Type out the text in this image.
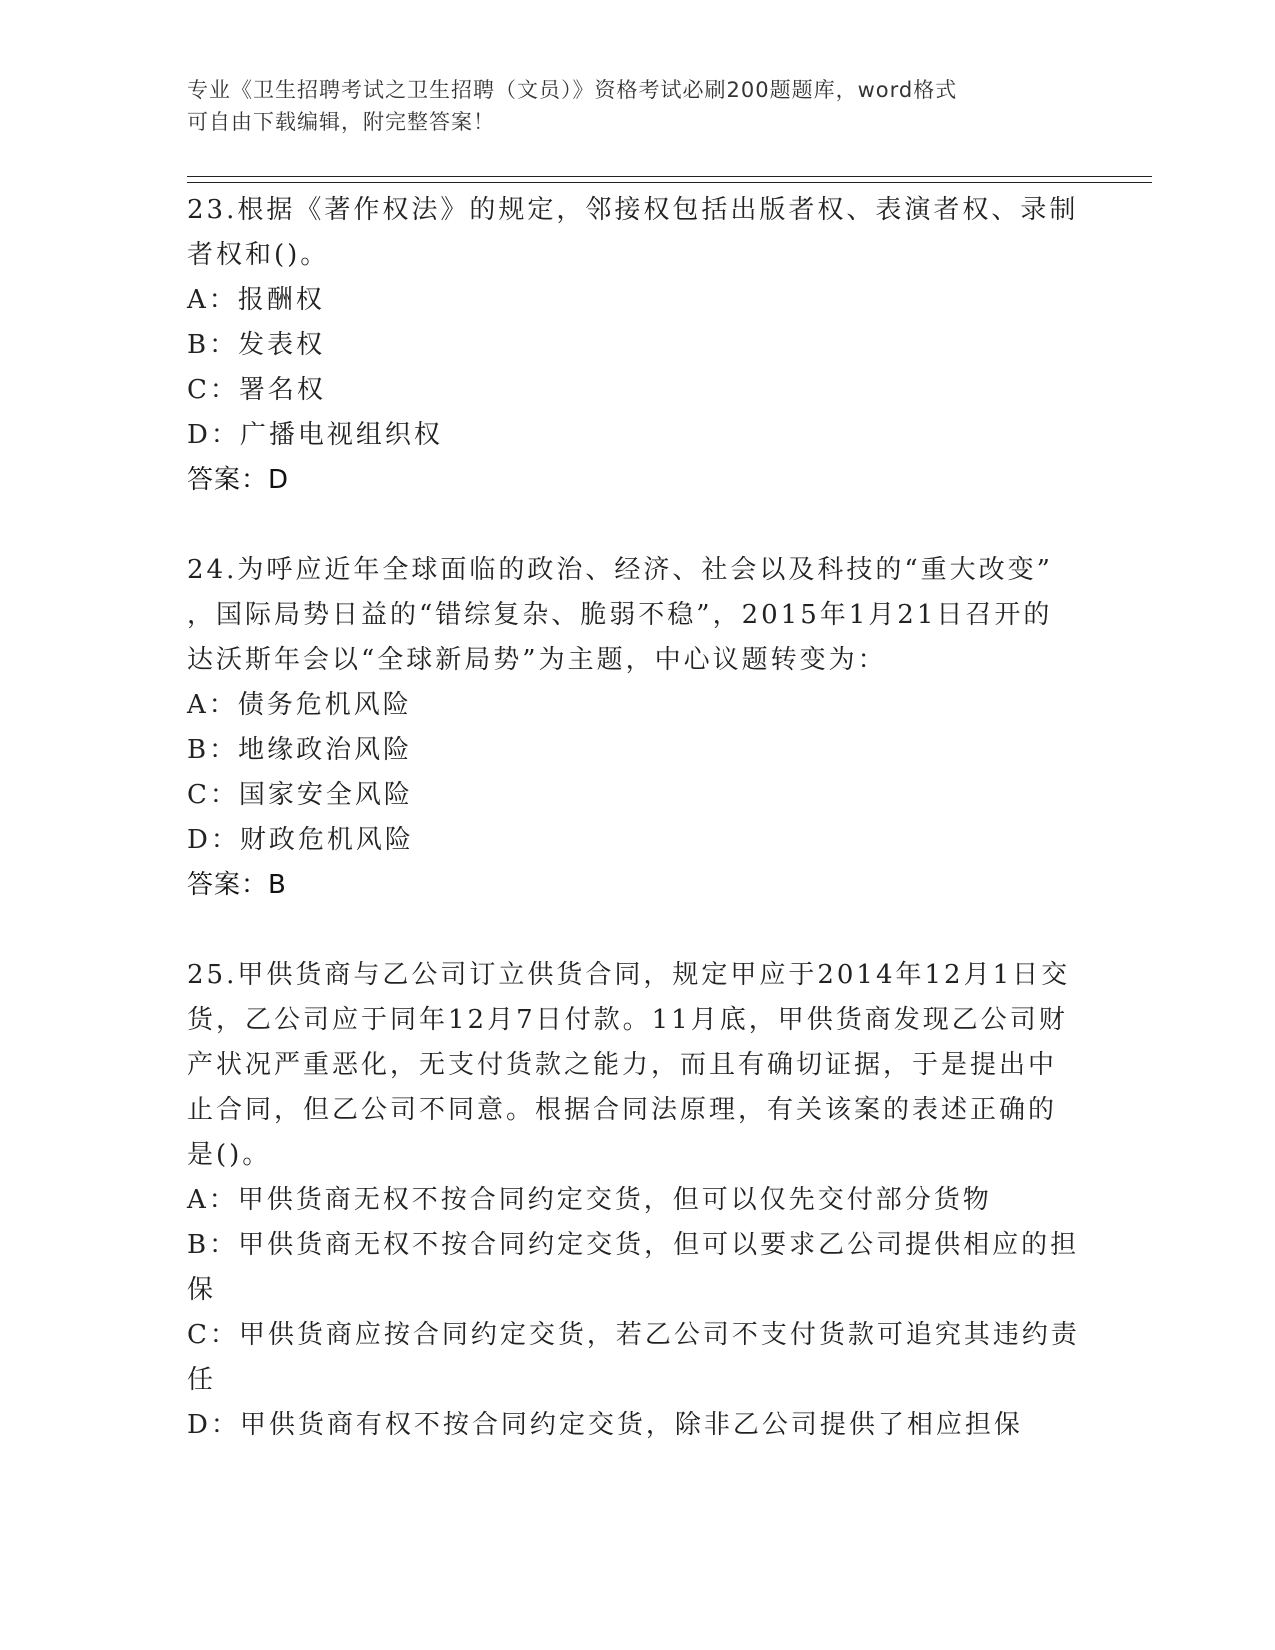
专业《卫生招聘考试之卫生招聘（文员）》资格考试必刷200题题库，word格式
可自由下载编辑，附完整答案！
23.根据《著作权法》的规定，邻接权包括出版者权、表演者权、录制
者权和()。
A：报酬权
B：发表权
C：署名权
D：广播电视组织权
答案：D
24.为呼应近年全球面临的政治、经济、社会以及科技的“重大改变”
，国际局势日益的“错综复杂、脆弱不稳”，2015年1月21日召开的
达沃斯年会以“全球新局势”为主题，中心议题转变为：
A：债务危机风险
B：地缘政治风险
C：国家安全风险
D：财政危机风险
答案：B
25.甲供货商与乙公司订立供货合同，规定甲应于2014年12月1日交
货，乙公司应于同年12月7日付款。11月底，甲供货商发现乙公司财
产状况严重恶化，无支付货款之能力，而且有确切证据，于是提出中
止合同，但乙公司不同意。根据合同法原理，有关该案的表述正确的
是()。
A：甲供货商无权不按合同约定交货，但可以仅先交付部分货物
B：甲供货商无权不按合同约定交货，但可以要求乙公司提供相应的担
保
C：甲供货商应按合同约定交货，若乙公司不支付货款可追究其违约责
任
D：甲供货商有权不按合同约定交货，除非乙公司提供了相应担保
